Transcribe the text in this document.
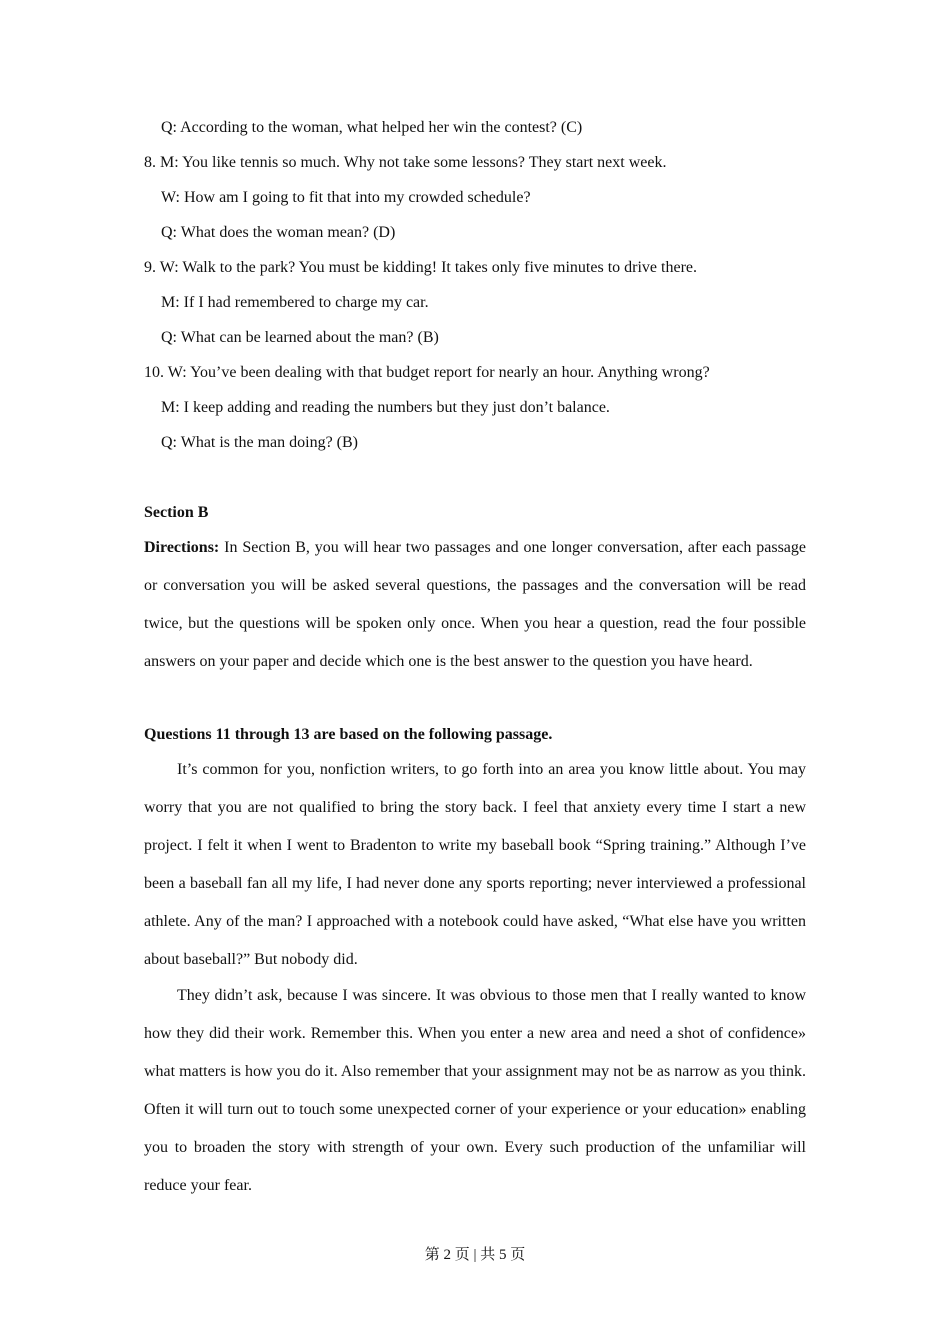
Q: According to the woman, what helped her win the contest? (C)
8. M: You like tennis so much. Why not take some lessons? They start next week.
W: How am I going to fit that into my crowded schedule?
Q: What does the woman mean? (D)
9. W: Walk to the park? You must be kidding! It takes only five minutes to drive there.
M: If I had remembered to charge my car.
Q: What can be learned about the man? (B)
10. W: You’ve been dealing with that budget report for nearly an hour. Anything wrong?
M: I keep adding and reading the numbers but they just don’t balance.
Q: What is the man doing? (B)
Section B

Directions: In Section B, you will hear two passages and one longer conversation, after each passage or conversation you will be asked several questions, the passages and the conversation will be read twice, but the questions will be spoken only once. When you hear a question, read the four possible answers on your paper and decide which one is the best answer to the question you have heard.

Questions 11 through 13 are based on the following passage.

It’s common for you, nonfiction writers, to go forth into an area you know little about. You may worry that you are not qualified to bring the story back. I feel that anxiety every time I start a new project. I felt it when I went to Bradenton to write my baseball book “Spring training.” Although I’ve been a baseball fan all my life, I had never done any sports reporting; never interviewed a professional athlete. Any of the man? I approached with a notebook could have asked, “What else have you written about baseball?” But nobody did.

They didn’t ask, because I was sincere. It was obvious to those men that I really wanted to know how they did their work. Remember this. When you enter a new area and need a shot of confidence» what matters is how you do it. Also remember that your assignment may not be as narrow as you think. Often it will turn out to touch some unexpected corner of your experience or your education» enabling you to broaden the story with strength of your own. Every such production of the unfamiliar will reduce your fear.

第 2 页 | 共 5 页
